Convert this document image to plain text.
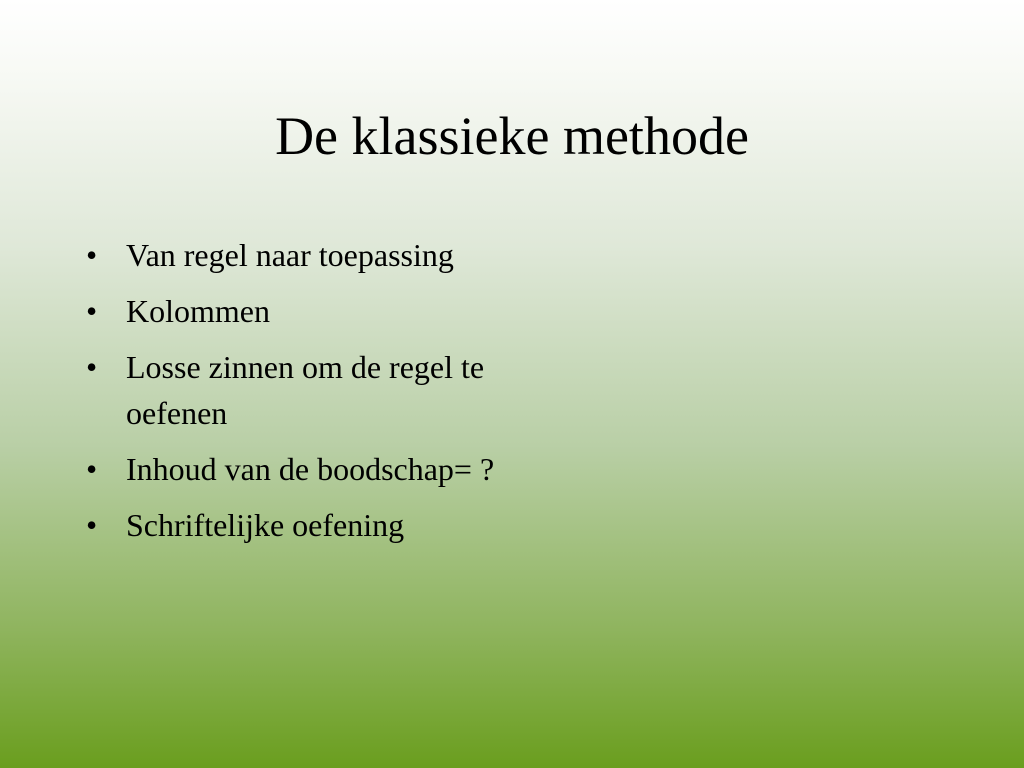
De klassieke methode
• Van regel naar toepassing
• Kolommen
• Losse zinnen om de regel te oefenen
• Inhoud van de boodschap= ?
• Schriftelijke oefening
